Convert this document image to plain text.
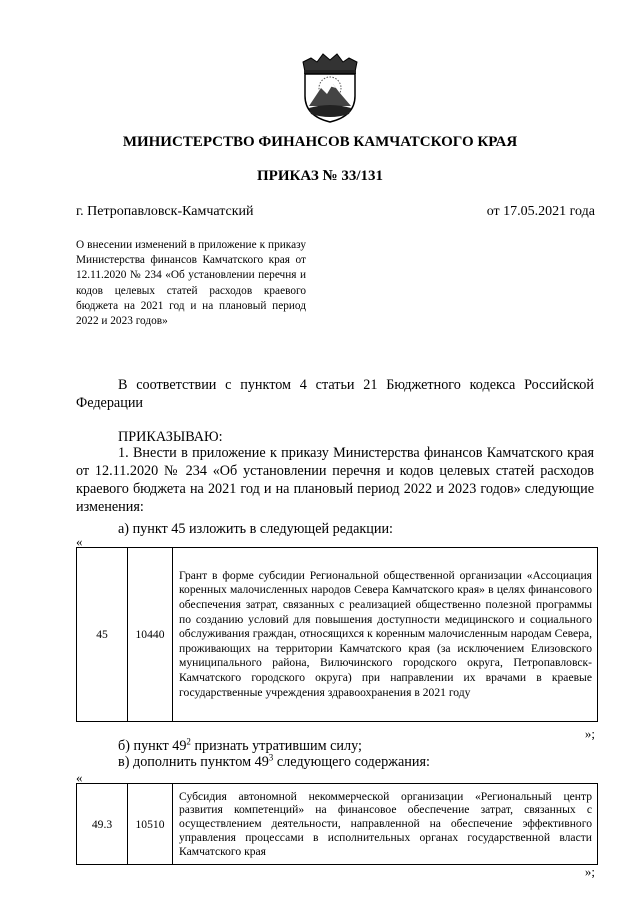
МИНИСТЕРСТВО ФИНАНСОВ КАМЧАТСКОГО КРАЯ
ПРИКАЗ № 33/131
г. Петропавловск-Камчатский	от 17.05.2021 года
О внесении изменений в приложение к приказу Министерства финансов Камчатского края от 12.11.2020 № 234 «Об установлении перечня и кодов целевых статей расходов краевого бюджета на 2021 год и на плановый период 2022 и 2023 годов»
В соответствии с пунктом 4 статьи 21 Бюджетного кодекса Российской Федерации
ПРИКАЗЫВАЮ:
1. Внести в приложение к приказу Министерства финансов Камчатского края от 12.11.2020 № 234 «Об установлении перечня и кодов целевых статей расходов краевого бюджета на 2021 год и на плановый период 2022 и 2023 годов» следующие изменения:
а) пункт 45 изложить в следующей редакции:
«
45	10440	Грант в форме субсидии Региональной общественной организации «Ассоциация коренных малочисленных народов Севера Камчатского края» в целях финансового обеспечения затрат, связанных с реализацией общественно полезной программы по созданию условий для повышения доступности медицинского и социального обслуживания граждан, относящихся к коренным малочисленным народам Севера, проживающих на территории Камчатского края (за исключением Елизовского муниципального района, Вилючинского городского округа, Петропавловск-Камчатского городского округа) при направлении их врачами в краевые государственные учреждения здравоохранения в 2021 году
»;
б) пункт $49^2$ признать утратившим силу;
в) дополнить пунктом $49^3$ следующего содержания:
«
49.3	10510	Субсидия автономной некоммерческой организации «Региональный центр развития компетенций» на финансовое обеспечение затрат, связанных с осуществлением деятельности, направленной на обеспечение эффективного управления процессами в исполнительных органах государственной власти Камчатского края
»;
